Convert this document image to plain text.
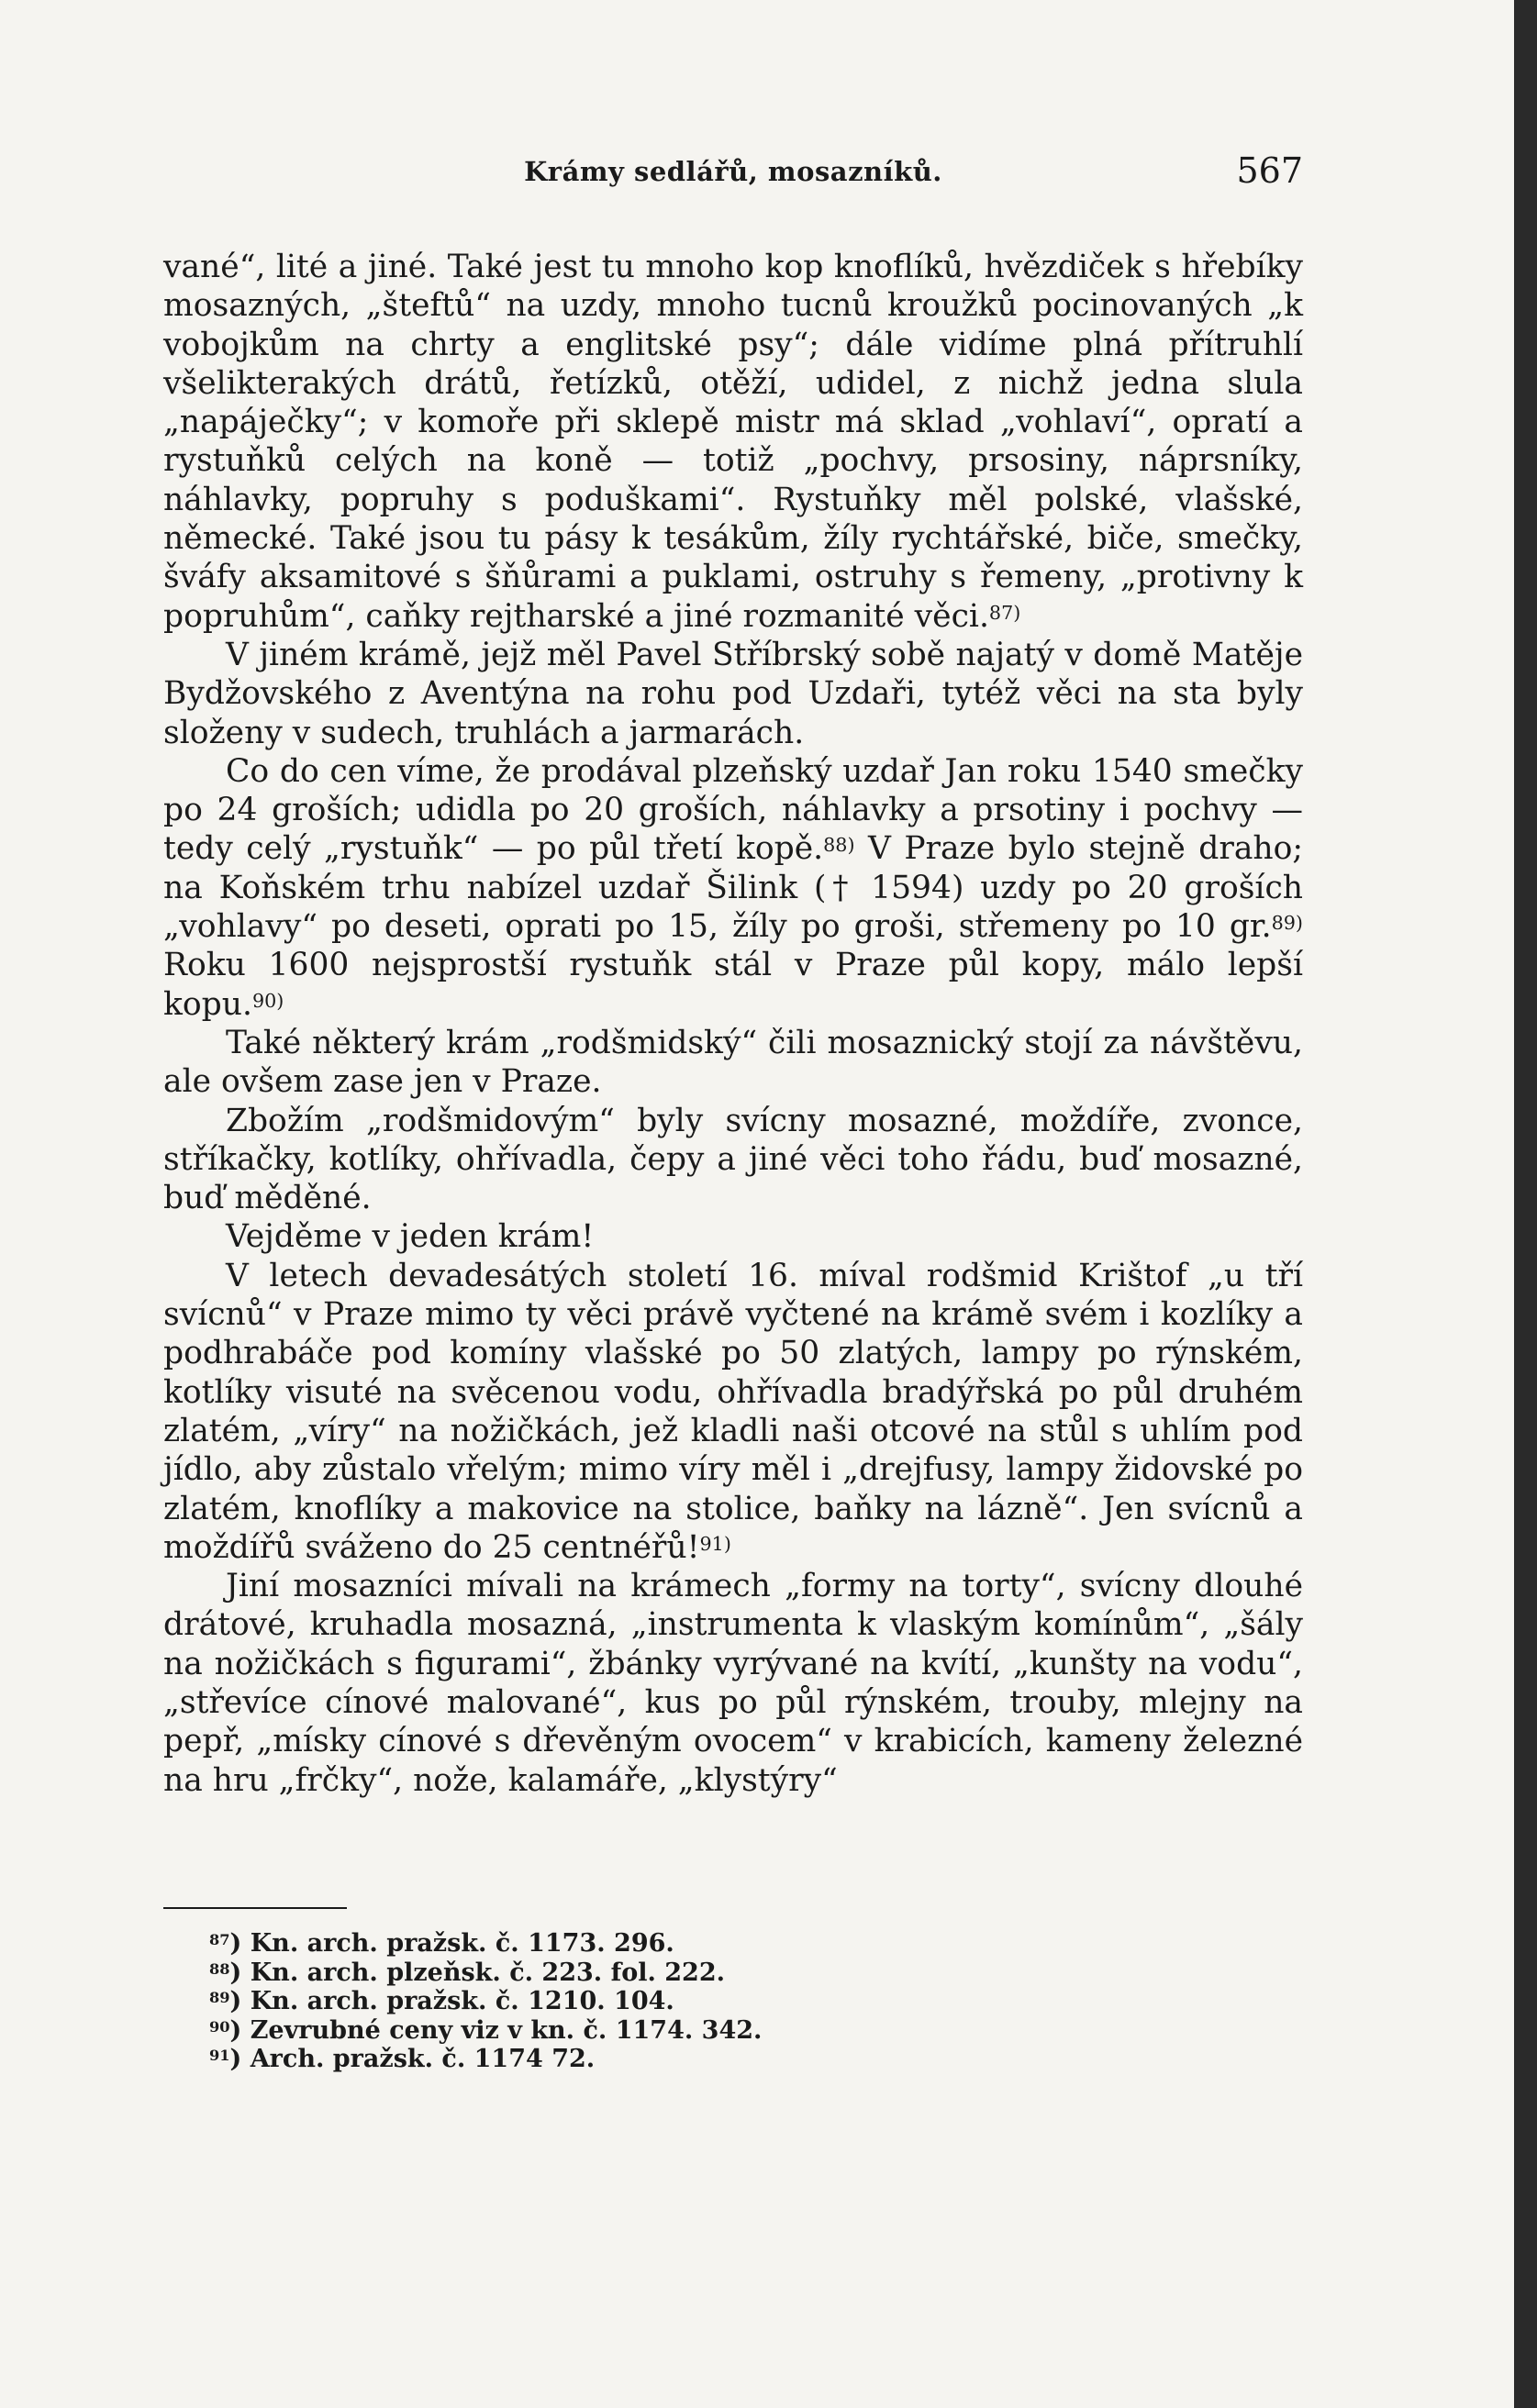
Krámy sedlářů, mosazníků.	567

vané“, lité a jiné. Také jest tu mnoho kop knoflíků, hvězdiček s hřebíky mosazných, „šteftů“ na uzdy, mnoho tucnů kroužků pocinovaných „k vobojkům na chrty a englitské psy“; dále vidíme plná přítruhlí všelikterakých drátů, řetízků, otěží, udidel, z nichž jedna slula „napáječky“; v komoře při sklepě mistr má sklad „vohlaví“, opratí a rystuňků celých na koně — totiž „pochvy, prsosiny, náprsníky, náhlavky, popruhy s poduškami“. Rystuňky měl polské, vlašské, německé. Také jsou tu pásy k tesákům, žíly rychtářské, biče, smečky, šváfy aksamitové s šňůrami a puklami, ostruhy s řemeny, „protivny k popruhům“, caňky rejtharské a jiné rozmanité věci.$^{87)}$

V jiném krámě, jejž měl Pavel Stříbrský sobě najatý v domě Matěje Bydžovského z Aventýna na rohu pod Uzdaři, tytéž věci na sta byly složeny v sudech, truhlách a jarmarách.

Co do cen víme, že prodával plzeňský uzdař Jan roku 1540 smečky po 24 groších; udidla po 20 groších, náhlavky a prsotiny i pochvy — tedy celý „rystuňk“ — po půl třetí kopě.$^{88)}$ V Praze bylo stejně draho; na Koňském trhu nabízel uzdař Šilink († 1594) uzdy po 20 groších „vohlavy“ po deseti, oprati po 15, žíly po groši, střemeny po 10 gr.$^{89)}$ Roku 1600 nejsprostší rystuňk stál v Praze půl kopy, málo lepší kopu.$^{90)}$

Také některý krám „rodšmidský“ čili mosaznický stojí za návštěvu, ale ovšem zase jen v Praze.

Zbožím „rodšmidovým“ byly svícny mosazné, moždíře, zvonce, stříkačky, kotlíky, ohřívadla, čepy a jiné věci toho řádu, buď mosazné, buď měděné.

Vejděme v jeden krám!

V letech devadesátých století 16. míval rodšmid Krištof „u tří svícnů“ v Praze mimo ty věci právě vyčtené na krámě svém i kozlíky a podhrabáče pod komíny vlašské po 50 zlatých, lampy po rýnském, kotlíky visuté na svěcenou vodu, ohřívadla bradýřská po půl druhém zlatém, „víry“ na nožičkách, jež kladli naši otcové na stůl s uhlím pod jídlo, aby zůstalo vřelým; mimo víry měl i „drejfusy, lampy židovské po zlatém, knoflíky a makovice na stolice, baňky na lázně“. Jen svícnů a moždířů sváženo do 25 centnéřů!$^{91)}$

Jiní mosazníci mívali na krámech „formy na torty“, svícny dlouhé drátové, kruhadla mosazná, „instrumenta k vlaským komínům“, „šály na nožičkách s figurami“, žbánky vyrývané na kvítí, „kunšty na vodu“, „střevíce cínové malované“, kus po půl rýnském, trouby, mlejny na pepř, „mísky cínové s dřevěným ovocem“ v krabicích, kameny železné na hru „frčky“, nože, kalamáře, „klystýry“

$^{87}$) Kn. arch. pražsk. č. 1173. 296.
$^{88}$) Kn. arch. plzeňsk. č. 223. fol. 222.
$^{89}$) Kn. arch. pražsk. č. 1210. 104.
$^{90}$) Zevrubné ceny viz v kn. č. 1174. 342.
$^{91}$) Arch. pražsk. č. 1174 72.
